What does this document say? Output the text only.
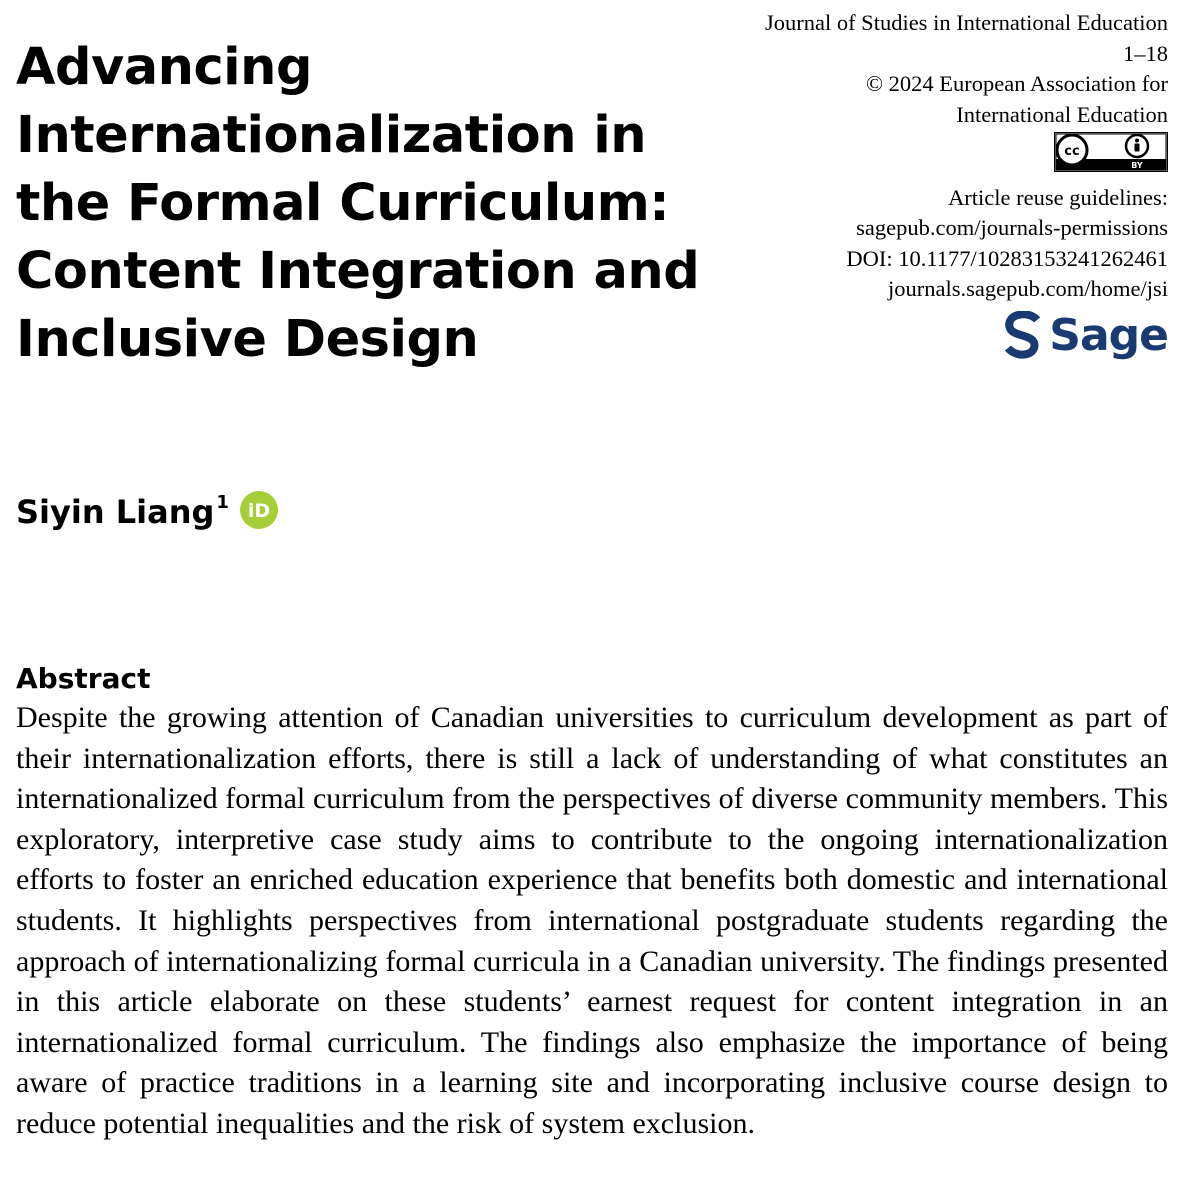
Advancing
Internationalization in
the Formal Curriculum:
Content Integration and
Inclusive Design
Journal of Studies in International Education
1–18
© 2024 European Association for
International Education
cc
BY
Article reuse guidelines:
sagepub.com/journals-permissions
DOI: 10.1177/10283153241262461
journals.sagepub.com/home/jsi
Sage
Siyin Liang$^1$ iD
Abstract

Despite the growing attention of Canadian universities to curriculum development as part of their internationalization efforts, there is still a lack of understanding of what constitutes an internationalized formal curriculum from the perspectives of diverse community members. This exploratory, interpretive case study aims to contribute to the ongoing internationalization efforts to foster an enriched education experience that benefits both domestic and international students. It highlights perspectives from international postgraduate students regarding the approach of internationalizing formal curricula in a Canadian university. The findings presented in this article elaborate on these students’ earnest request for content integration in an internationalized formal curriculum. The findings also emphasize the importance of being aware of practice traditions in a learning site and incorporating inclusive course design to reduce potential inequalities and the risk of system exclusion.
